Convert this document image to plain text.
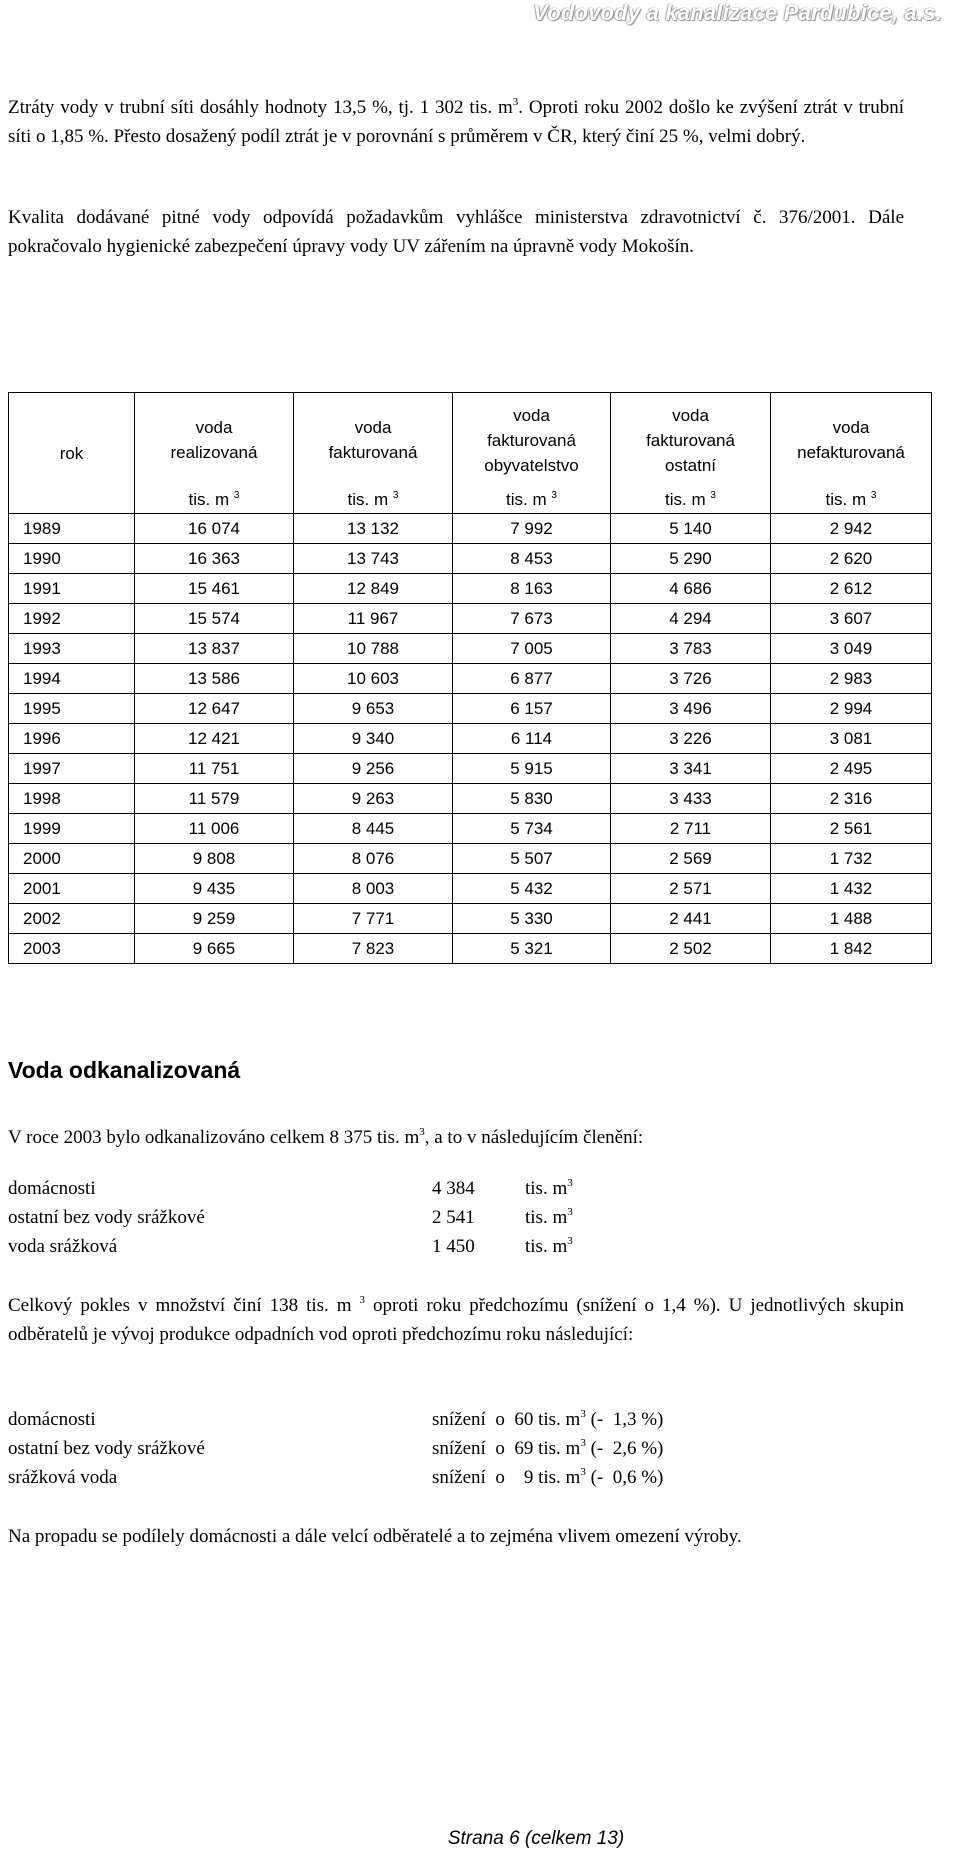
Vodovody a kanalizace Pardubice, a.s.
Ztráty vody v trubní síti dosáhly hodnoty 13,5 %, tj. 1 302 tis. $m^3$. Oproti roku 2002 došlo ke zvýšení ztrát v trubní síti o 1,85 %. Přesto dosažený podíl ztrát je v porovnání s průměrem v ČR, který činí 25 %, velmi dobrý.
Kvalita dodávané pitné vody odpovídá požadavkům vyhlášce ministerstva zdravotnictví č. 376/2001. Dále pokračovalo hygienické zabezpečení úpravy vody UV zářením na úpravně vody Mokošín.
rok	voda realizovaná	voda fakturovaná	voda fakturovaná obyvatelstvo	voda fakturovaná ostatní	voda nefakturovaná

	tis. m $^3$	tis. m $^3$	tis. m $^3$	tis. m $^3$	tis. m $^3$
1989	16 074	13 132	7 992	5 140	2 942
1990	16 363	13 743	8 453	5 290	2 620
1991	15 461	12 849	8 163	4 686	2 612
1992	15 574	11 967	7 673	4 294	3 607
1993	13 837	10 788	7 005	3 783	3 049
1994	13 586	10 603	6 877	3 726	2 983
1995	12 647	9 653	6 157	3 496	2 994
1996	12 421	9 340	6 114	3 226	3 081
1997	11 751	9 256	5 915	3 341	2 495
1998	11 579	9 263	5 830	3 433	2 316
1999	11 006	8 445	5 734	2 711	2 561
2000	9 808	8 076	5 507	2 569	1 732
2001	9 435	8 003	5 432	2 571	1 432
2002	9 259	7 771	5 330	2 441	1 488
2003	9 665	7 823	5 321	2 502	1 842
Voda odkanalizovaná
V roce 2003 bylo odkanalizováno celkem 8 375 tis. $m^3$, a to v následujícím členění:
domácnosti	4 384	tis. $m^3$
ostatní bez vody srážkové	2 541	tis. $m^3$
voda srážková	1 450	tis. $m^3$
Celkový pokles v množství činí 138 tis. m $^3$ oproti roku předchozímu (snížení o 1,4 %). U jednotlivých skupin odběratelů je vývoj produkce odpadních vod oproti předchozímu roku následující:
domácnosti	snížení  o  60 tis. $m^3$ (-  1,3 %)
ostatní bez vody srážkové	snížení  o  69 tis. $m^3$ (-  2,6 %)
srážková voda	snížení  o    9 tis. $m^3$ (-  0,6 %)
Na propadu se podílely domácnosti a dále velcí odběratelé a to zejména vlivem omezení výroby.
Strana 6 (celkem 13)
